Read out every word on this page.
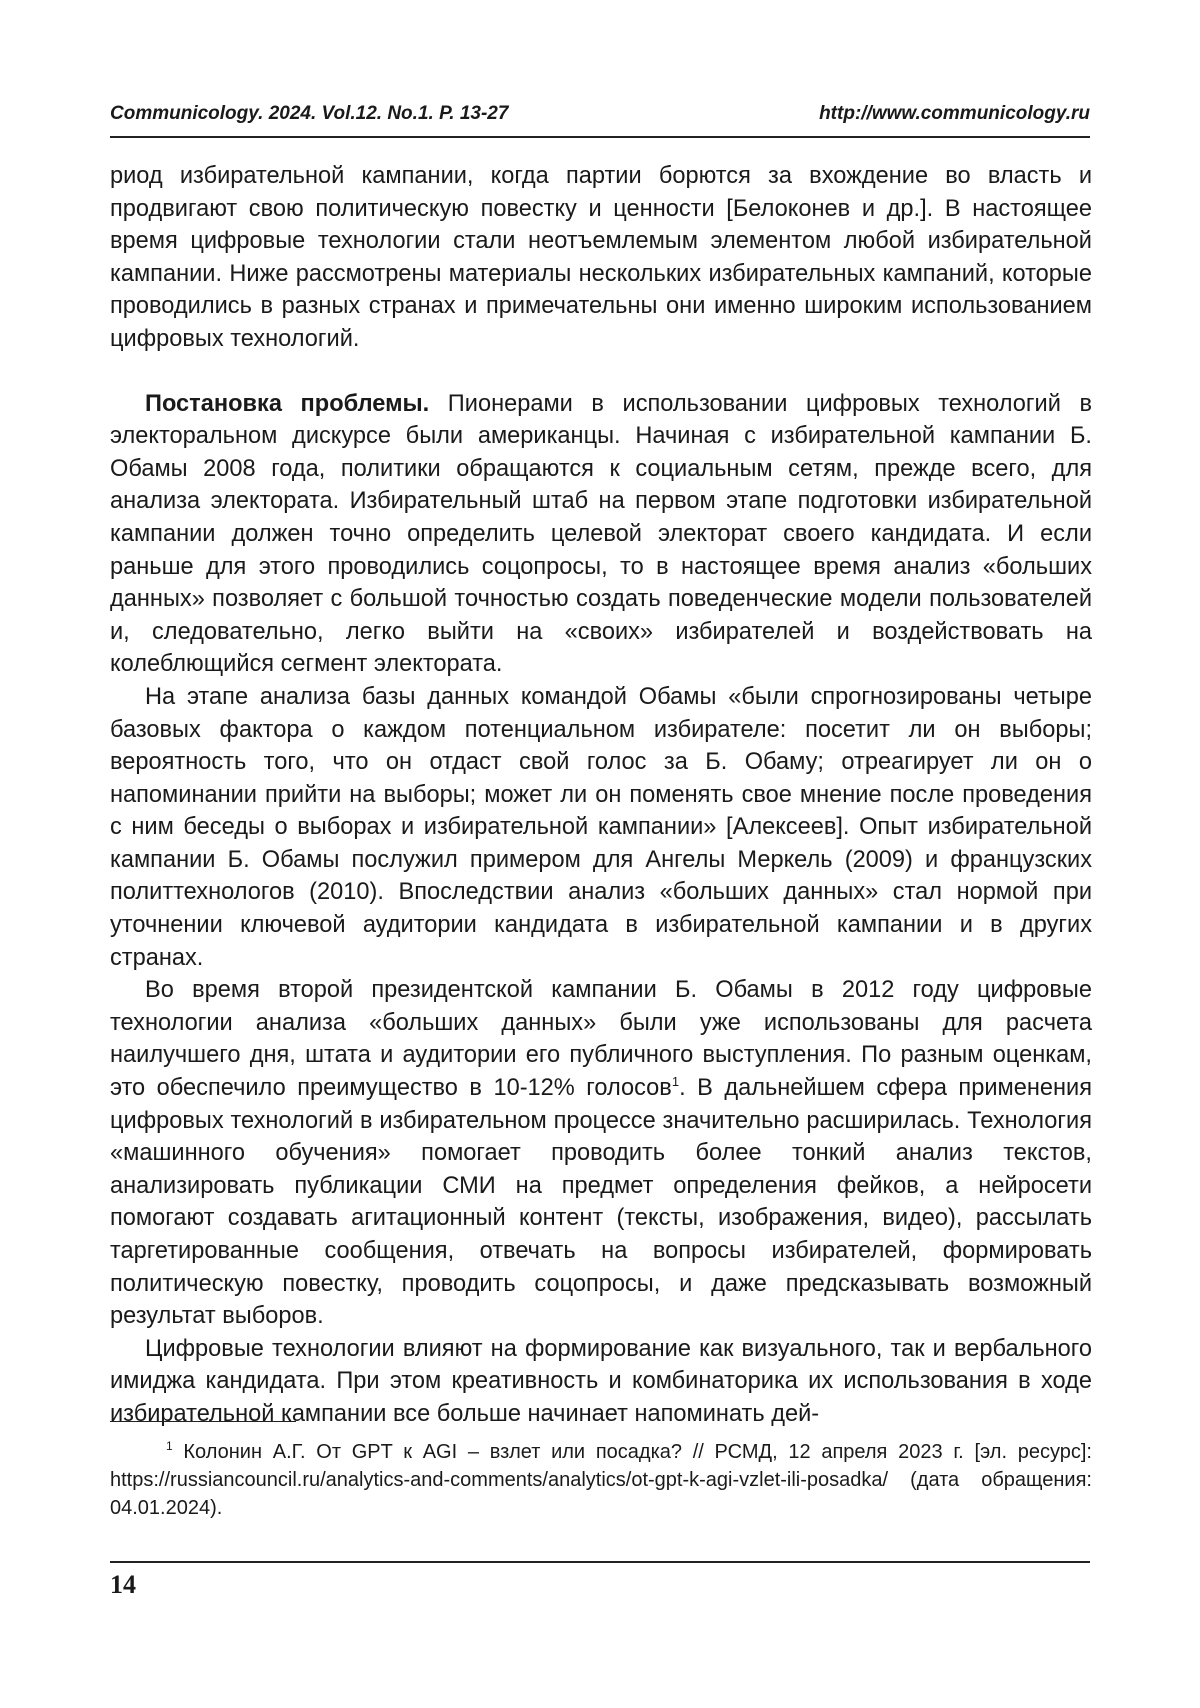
Communicology. 2024. Vol.12. No.1. P. 13-27	http://www.communicology.ru

риод избирательной кампании, когда партии борются за вхождение во власть и продвигают свою политическую повестку и ценности [Белоконев и др.]. В настоящее время цифровые технологии стали неотъемлемым элементом любой избирательной кампании. Ниже рассмотрены материалы нескольких избирательных кампаний, которые проводились в разных странах и примечательны они именно широким использованием цифровых технологий.

Постановка проблемы. Пионерами в использовании цифровых технологий в электоральном дискурсе были американцы. Начиная с избирательной кампании Б. Обамы 2008 года, политики обращаются к социальным сетям, прежде всего, для анализа электората. Избирательный штаб на первом этапе подготовки избирательной кампании должен точно определить целевой электорат своего кандидата. И если раньше для этого проводились соцопросы, то в настоящее время анализ «больших данных» позволяет с большой точностью создать поведенческие модели пользователей и, следовательно, легко выйти на «своих» избирателей и воздействовать на колеблющийся сегмент электората.

На этапе анализа базы данных командой Обамы «были спрогнозированы четыре базовых фактора о каждом потенциальном избирателе: посетит ли он выборы; вероятность того, что он отдаст свой голос за Б. Обаму; отреагирует ли он о напоминании прийти на выборы; может ли он поменять свое мнение после проведения с ним беседы о выборах и избирательной кампании» [Алексеев]. Опыт избирательной кампании Б. Обамы послужил примером для Ангелы Меркель (2009) и французских политтехнологов (2010). Впоследствии анализ «больших данных» стал нормой при уточнении ключевой аудитории кандидата в избирательной кампании и в других странах.

Во время второй президентской кампании Б. Обамы в 2012 году цифровые технологии анализа «больших данных» были уже использованы для расчета наилучшего дня, штата и аудитории его публичного выступления. По разным оценкам, это обеспечило преимущество в 10-12% голосов$^1$. В дальнейшем сфера применения цифровых технологий в избирательном процессе значительно расширилась. Технология «машинного обучения» помогает проводить более тонкий анализ текстов, анализировать публикации СМИ на предмет определения фейков, а нейросети помогают создавать агитационный контент (тексты, изображения, видео), рассылать таргетированные сообщения, отвечать на вопросы избирателей, формировать политическую повестку, проводить соцопросы, и даже предсказывать возможный результат выборов.

Цифровые технологии влияют на формирование как визуального, так и вербального имиджа кандидата. При этом креативность и комбинаторика их использования в ходе избирательной кампании все больше начинает напоминать дей-

$^1$ Колонин А.Г. От GPT к AGI – взлет или посадка? // РСМД, 12 апреля 2023 г. [эл. ресурс]: https://russiancouncil.ru/analytics-and-comments/analytics/ot-gpt-k-agi-vzlet-ili-posadka/ (дата обращения: 04.01.2024).

14
